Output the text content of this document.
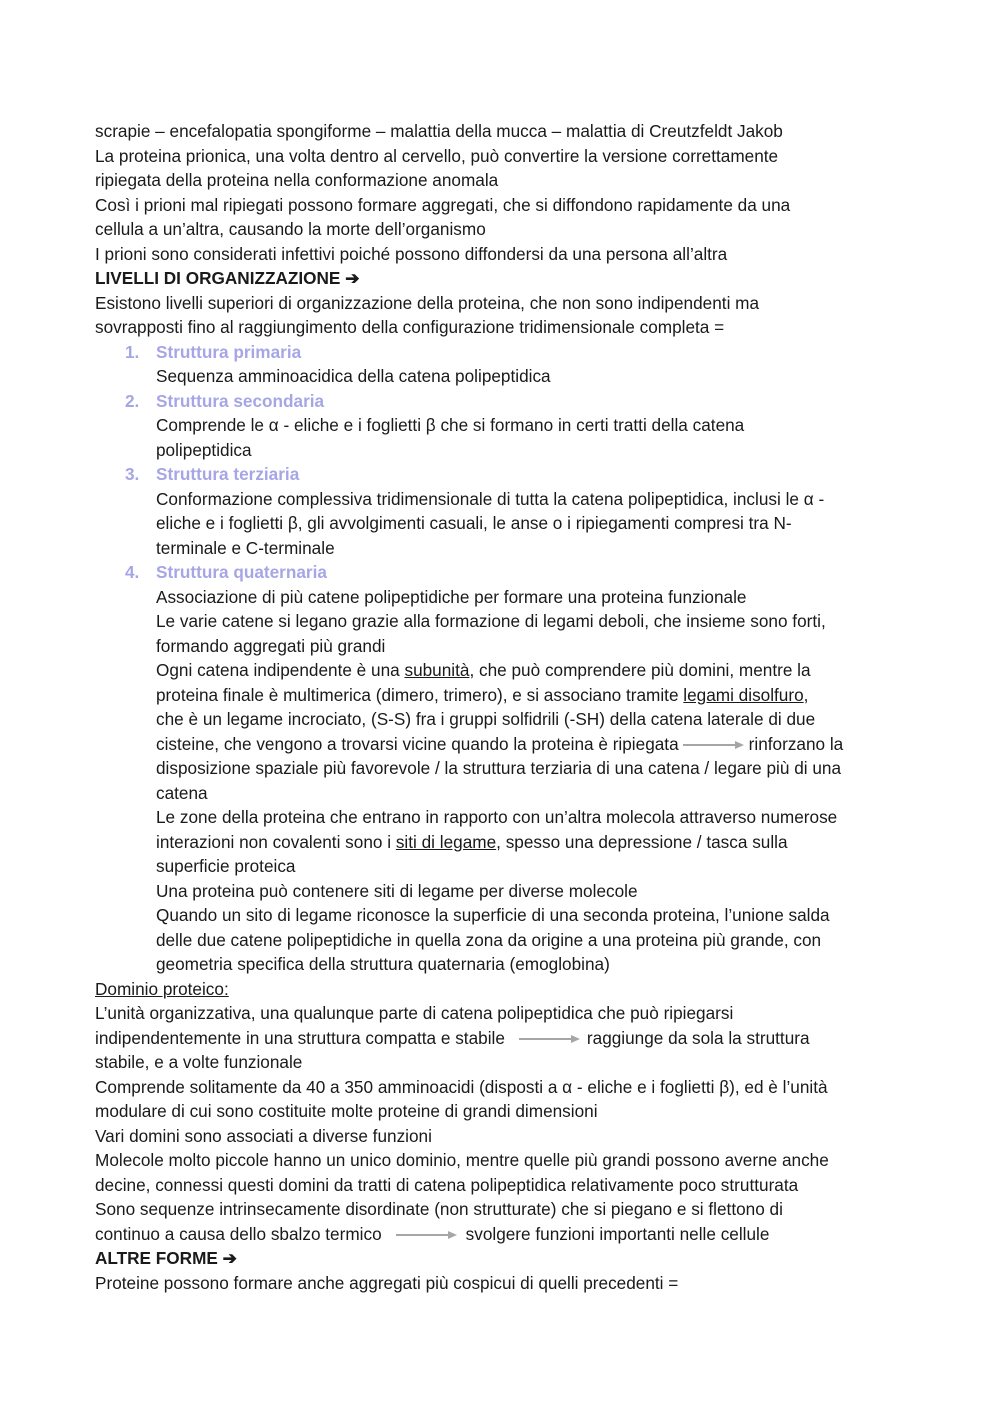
scrapie – encefalopatia spongiforme – malattia della mucca – malattia di Creutzfeldt Jakob

La proteina prionica, una volta dentro al cervello, può convertire la versione correttamente

ripiegata della proteina nella conformazione anomala

Così i prioni mal ripiegati possono formare aggregati, che si diffondono rapidamente da una

cellula a un’altra, causando la morte dell’organismo

I prioni sono considerati infettivi poiché possono diffondersi da una persona all’altra

LIVELLI DI ORGANIZZAZIONE ➔

Esistono livelli superiori di organizzazione della proteina, che non sono indipendenti ma

sovrapposti fino al raggiungimento della configurazione tridimensionale completa =

1. Struttura primaria

Sequenza amminoacidica della catena polipeptidica

2. Struttura secondaria

Comprende le α - eliche e i foglietti β che si formano in certi tratti della catena

polipeptidica

3. Struttura terziaria

Conformazione complessiva tridimensionale di tutta la catena polipeptidica, inclusi le α -

eliche e i foglietti β, gli avvolgimenti casuali, le anse o i ripiegamenti compresi tra N-

terminale e C-terminale

4. Struttura quaternaria

Associazione di più catene polipeptidiche per formare una proteina funzionale

Le varie catene si legano grazie alla formazione di legami deboli, che insieme sono forti,

formando aggregati più grandi

Ogni catena indipendente è una subunità, che può comprendere più domini, mentre la

proteina finale è multimerica (dimero, trimero), e si associano tramite legami disolfuro,

che è un legame incrociato, (S-S) fra i gruppi solfidrili (-SH) della catena laterale di due

cisteine, che vengono a trovarsi vicine quando la proteina è ripiegata	rinforzano la

disposizione spaziale più favorevole / la struttura terziaria di una catena / legare più di una

catena

Le zone della proteina che entrano in rapporto con un’altra molecola attraverso numerose

interazioni non covalenti sono i siti di legame, spesso una depressione / tasca sulla

superficie proteica

Una proteina può contenere siti di legame per diverse molecole

Quando un sito di legame riconosce la superficie di una seconda proteina, l’unione salda

delle due catene polipeptidiche in quella zona da origine a una proteina più grande, con

geometria specifica della struttura quaternaria (emoglobina)

Dominio proteico:

L’unità organizzativa, una qualunque parte di catena polipeptidica che può ripiegarsi

indipendentemente in una struttura compatta e stabile	raggiunge da sola la struttura

stabile, e a volte funzionale

Comprende solitamente da 40 a 350 amminoacidi (disposti a α - eliche e i foglietti β), ed è l’unità

modulare di cui sono costituite molte proteine di grandi dimensioni

Vari domini sono associati a diverse funzioni

Molecole molto piccole hanno un unico dominio, mentre quelle più grandi possono averne anche

decine, connessi questi domini da tratti di catena polipeptidica relativamente poco strutturata

Sono sequenze intrinsecamente disordinate (non strutturate) che si piegano e si flettono di

continuo a causa dello sbalzo termico	svolgere funzioni importanti nelle cellule

ALTRE FORME ➔

Proteine possono formare anche aggregati più cospicui di quelli precedenti =
